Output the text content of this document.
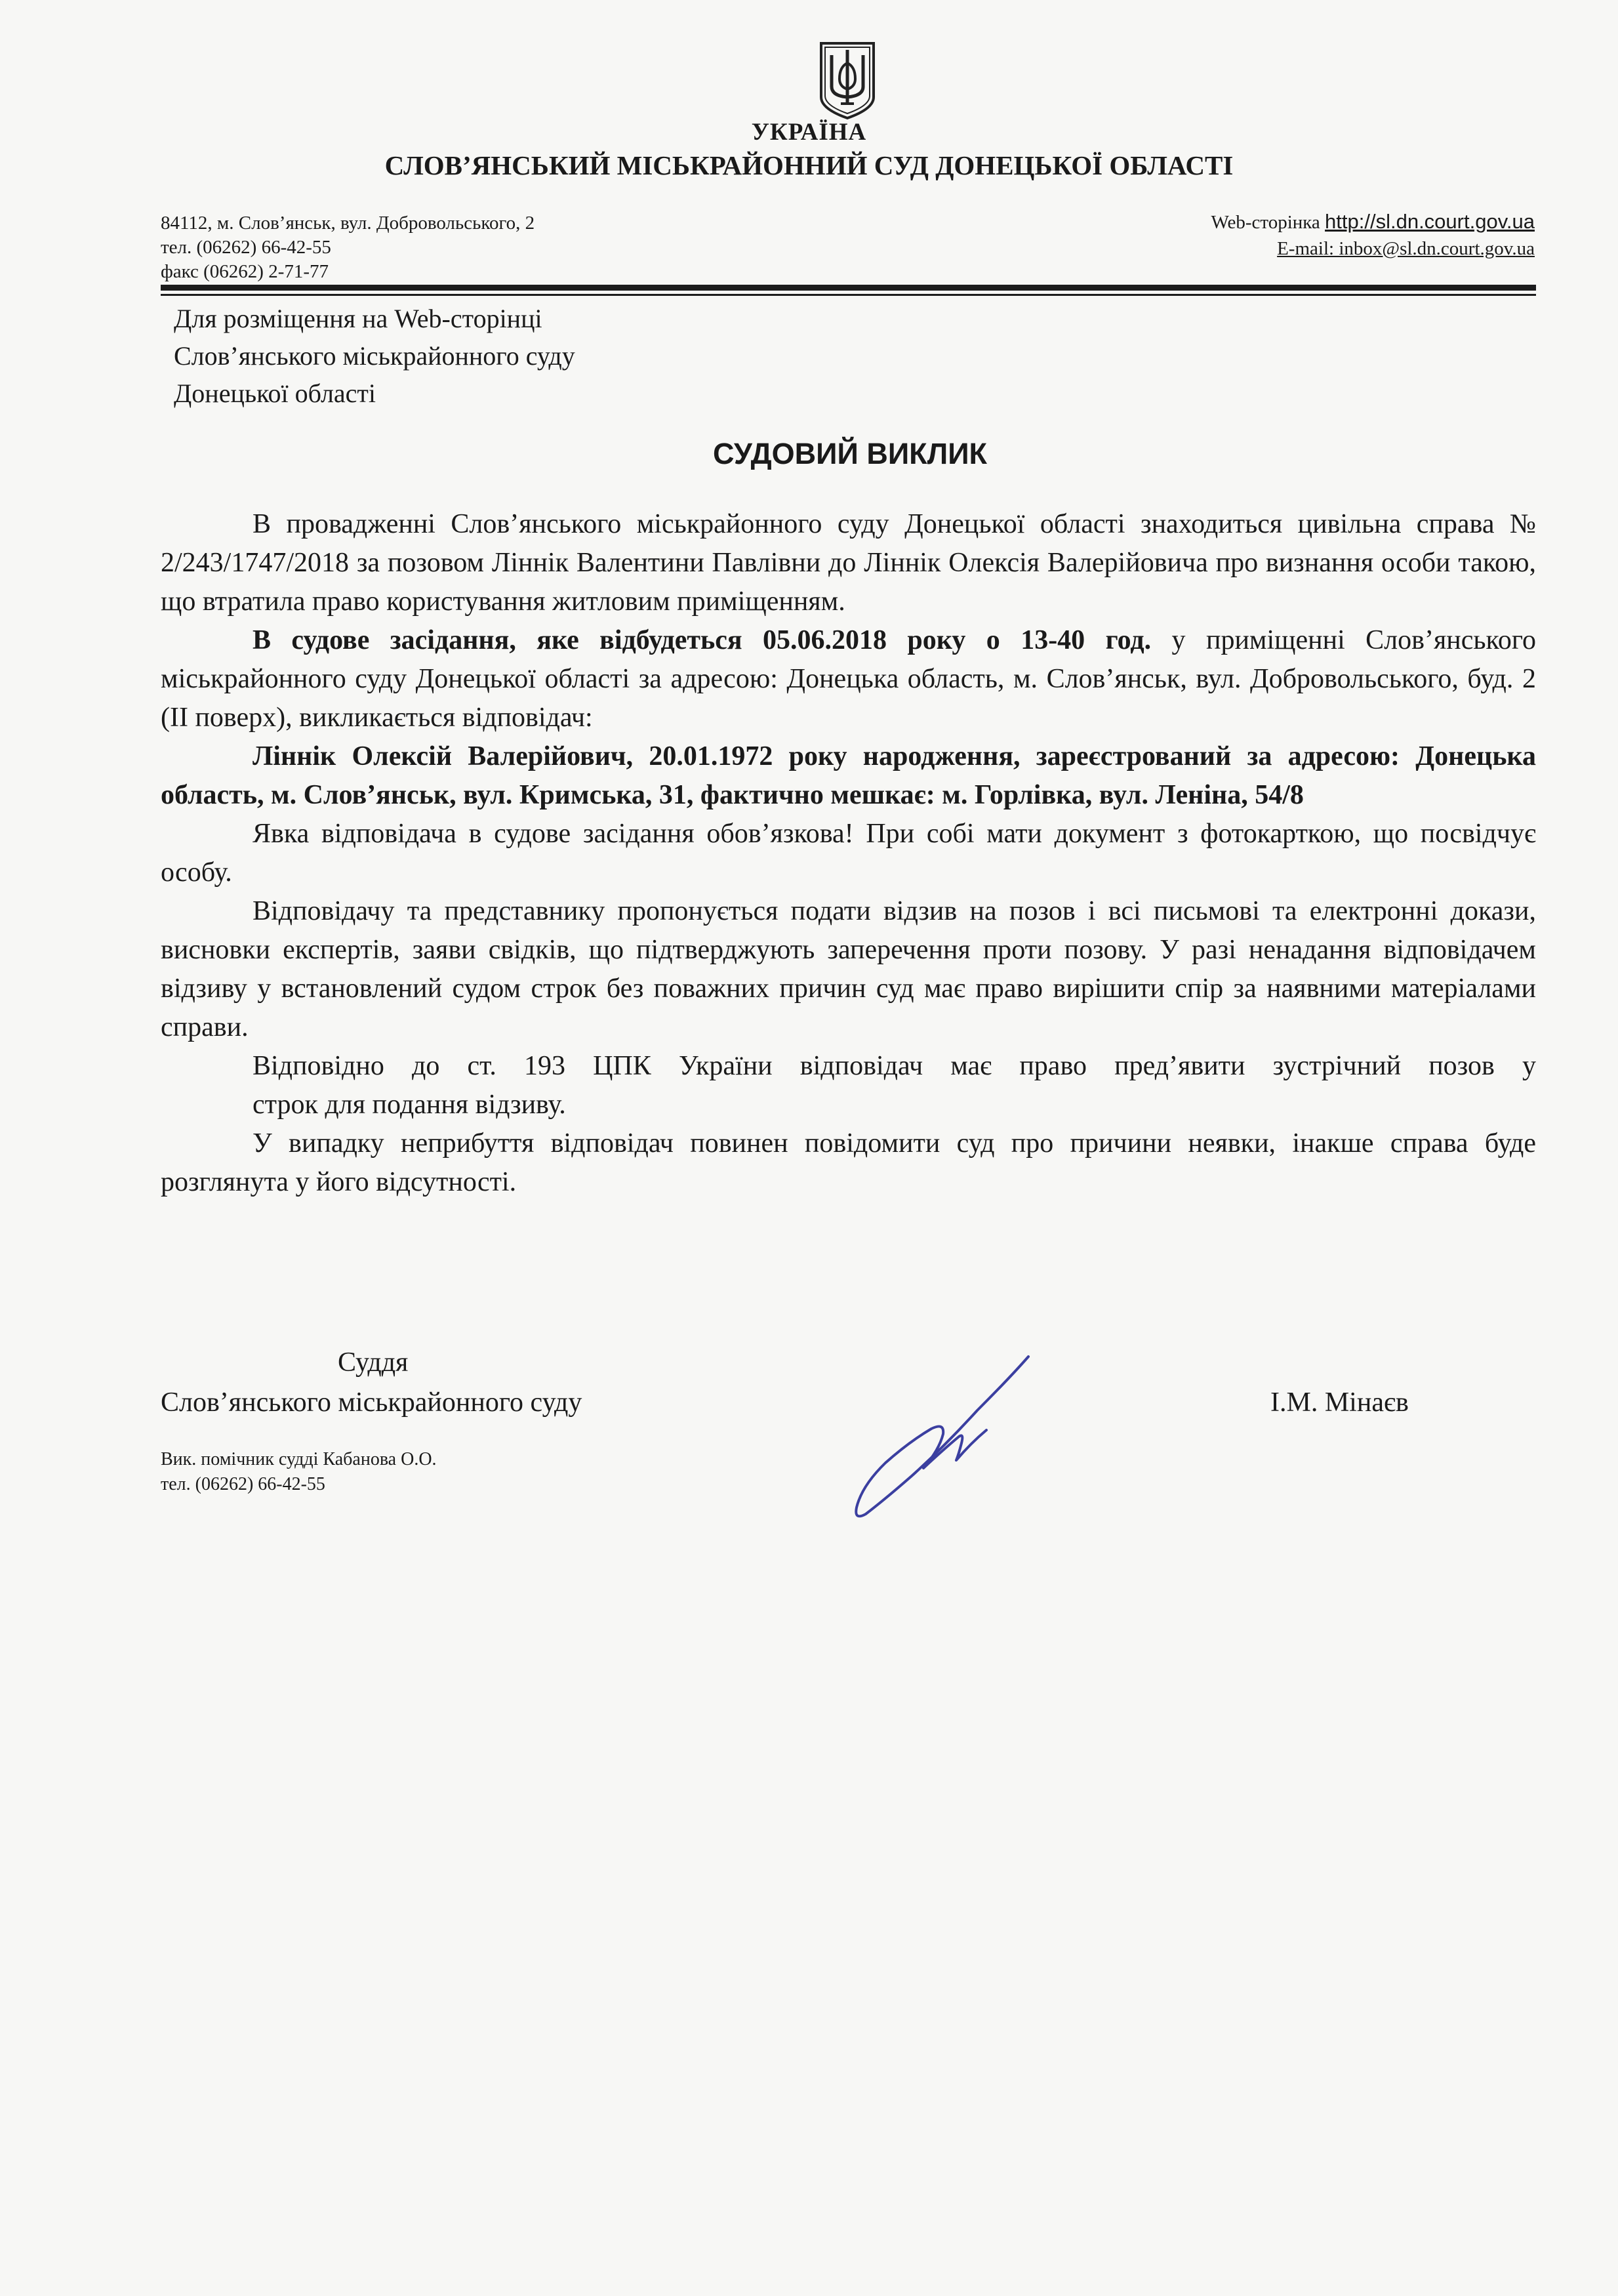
УКРАЇНА
СЛОВ’ЯНСЬКИЙ МІСЬКРАЙОННИЙ СУД ДОНЕЦЬКОЇ ОБЛАСТІ
84112, м. Слов’янськ, вул. Добровольського, 2
тел. (06262) 66-42-55
факс (06262) 2-71-77
Web-сторінка http://sl.dn.court.gov.ua
E-mail: inbox@sl.dn.court.gov.ua
Для розміщення на Web-сторінці
Слов’янського міськрайонного суду
Донецької області
СУДОВИЙ ВИКЛИК

В провадженні Слов’янського міськрайонного суду Донецької області знаходиться цивільна справа № 2/243/1747/2018 за позовом Ліннік Валентини Павлівни до Ліннік Олексія Валерійовича про визнання особи такою, що втратила право користування житловим приміщенням.

В судове засідання, яке відбудеться 05.06.2018 року о 13-40 год. у приміщенні Слов’янського міськрайонного суду Донецької області за адресою: Донецька область, м. Слов’янськ, вул. Добровольського, буд. 2 (ІІ поверх), викликається відповідач:

Ліннік Олексій Валерійович, 20.01.1972 року народження, зареєстрований за адресою: Донецька область, м. Слов’янськ, вул. Кримська, 31, фактично мешкає: м. Горлівка, вул. Леніна, 54/8

Явка відповідача в судове засідання обов’язкова! При собі мати документ з фотокарткою, що посвідчує особу.

Відповідачу та представнику пропонується подати відзив на позов і всі письмові та електронні докази, висновки експертів, заяви свідків, що підтверджують заперечення проти позову. У разі ненадання відповідачем відзиву у встановлений судом строк без поважних причин суд має право вирішити спір за наявними матеріалами справи.

Відповідно до ст. 193 ЦПК України відповідач має право пред’явити зустрічний позов у

строк для подання відзиву.

У випадку неприбуття відповідач повинен повідомити суд про причини неявки, інакше справа буде розглянута у його відсутності.

Суддя
Слов’янського міськрайонного суду	І.М. Мінаєв
Вик. помічник судді Кабанова О.О.
тел. (06262) 66-42-55
